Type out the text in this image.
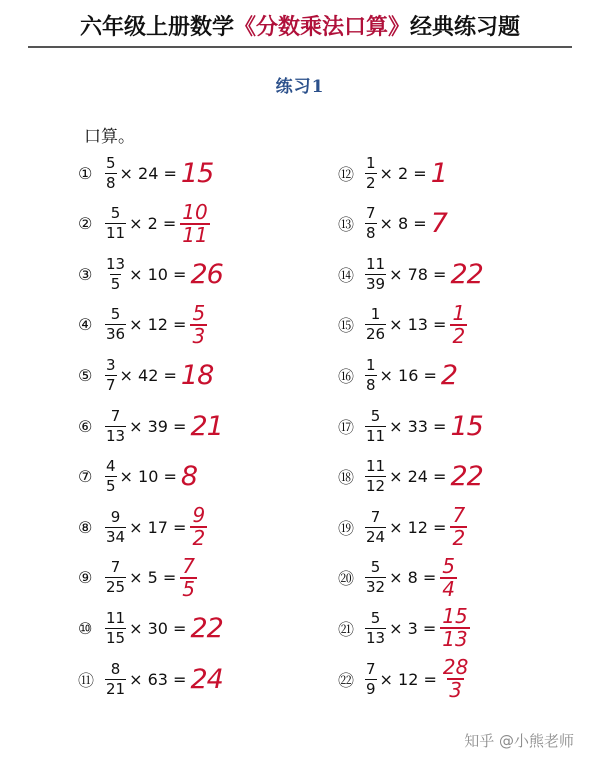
六年级上册数学 《分数乘法口算》 经典练习题
练习1
口算。
① $\frac{5}{8} \times 24 = 15$
② $\frac{5}{11} \times 2 = \frac{10}{11}$
③ $\frac{13}{5} \times 10 = 26$
④ $\frac{5}{36} \times 12 = \frac{5}{3}$
⑤ $\frac{3}{7} \times 42 = 18$
⑥ $\frac{7}{13} \times 39 = 21$
⑦ $\frac{4}{5} \times 10 = 8$
⑧ $\frac{9}{34} \times 17 = \frac{9}{2}$
⑨ $\frac{7}{25} \times 5 = \frac{7}{5}$
⑩ $\frac{11}{15} \times 30 = 22$
⑪ $\frac{8}{21} \times 63 = 24$
⑫ $\frac{1}{2} \times 2 = 1$
⑬ $\frac{7}{8} \times 8 = 7$
⑭ $\frac{11}{39} \times 78 = 22$
⑮ $\frac{1}{26} \times 13 = \frac{1}{2}$
⑯ $\frac{1}{8} \times 16 = 2$
⑰ $\frac{5}{11} \times 33 = 15$
⑱ $\frac{11}{12} \times 24 = 22$
⑲ $\frac{7}{24} \times 12 = \frac{7}{2}$
⑳ $\frac{5}{32} \times 8 = \frac{5}{4}$
㉑ $\frac{5}{13} \times 3 = \frac{15}{13}$
㉒ $\frac{7}{9} \times 12 = \frac{28}{3}$
知乎 @小熊老师
